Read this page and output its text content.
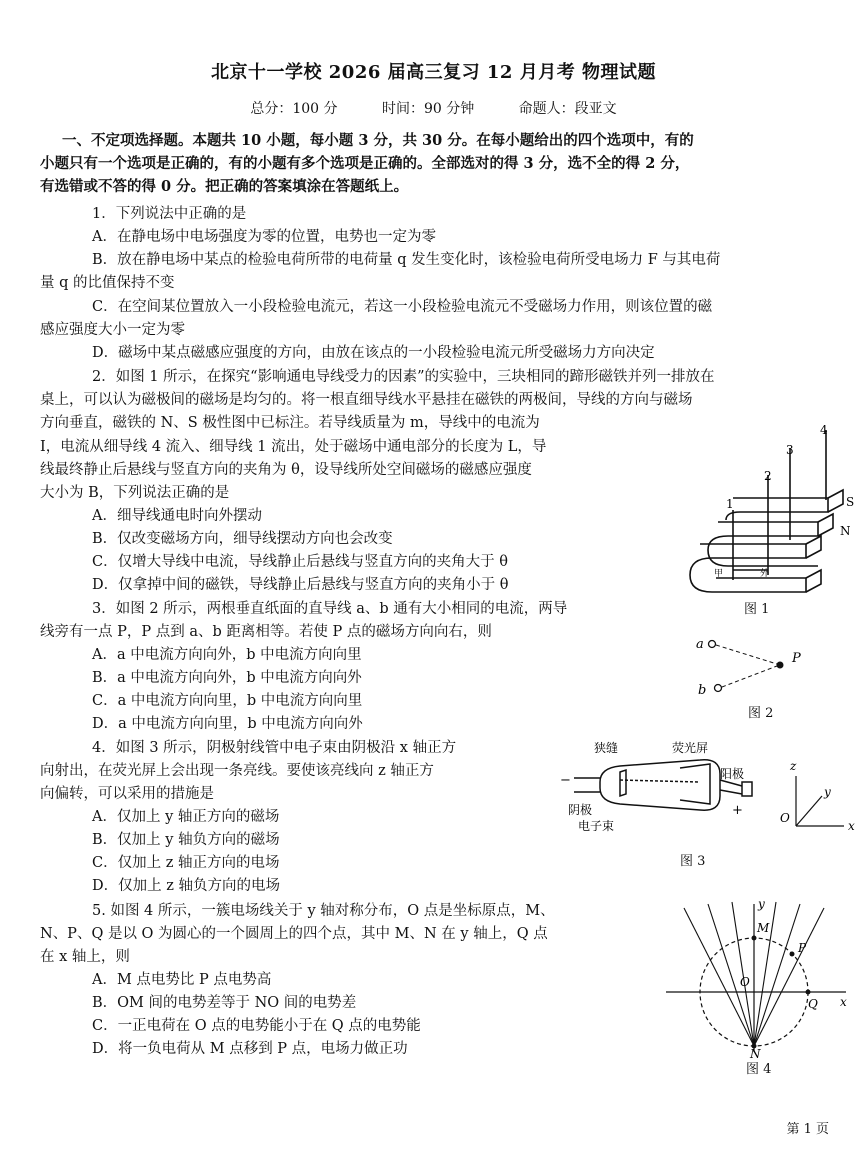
北京十一学校 2026 届高三复习 12 月月考 物理试题
总分：100 分	时间：90 分钟	命题人：段亚文
一、不定项选择题。本题共 10 小题，每小题 3 分，共 30 分。在每小题给出的四个选项中，有的
小题只有一个选项是正确的，有的小题有多个选项是正确的。全部选对的得 3 分，选不全的得 2 分，
有选错或不答的得 0 分。把正确的答案填涂在答题纸上。
1．下列说法中正确的是
A．在静电场中电场强度为零的位置，电势也一定为零
B．放在静电场中某点的检验电荷所带的电荷量 q 发生变化时，该检验电荷所受电场力 F 与其电荷
量 q 的比值保持不变
C．在空间某位置放入一小段检验电流元，若这一小段检验电流元不受磁场力作用，则该位置的磁
感应强度大小一定为零
D．磁场中某点磁感应强度的方向，由放在该点的一小段检验电流元所受磁场力方向决定
2．如图 1 所示，在探究“影响通电导线受力的因素”的实验中，三块相同的蹄形磁铁并列一排放在
桌上，可以认为磁极间的磁场是均匀的。将一根直细导线水平悬挂在磁铁的两极间，导线的方向与磁场
方向垂直，磁铁的 N、S 极性图中已标注。若导线质量为 m，导线中的电流为
I，电流从细导线 4 流入、细导线 1 流出，处于磁场中通电部分的长度为 L，导
线最终静止后悬线与竖直方向的夹角为 θ，设导线所处空间磁场的磁感应强度
大小为 B，下列说法正确的是
A．细导线通电时向外摆动
B．仅改变磁场方向，细导线摆动方向也会改变
C．仅增大导线中电流，导线静止后悬线与竖直方向的夹角大于 θ
D．仅拿掉中间的磁铁，导线静止后悬线与竖直方向的夹角小于 θ
3．如图 2 所示，两根垂直纸面的直导线 a、b 通有大小相同的电流，两导
线旁有一点 P，P 点到 a、b 距离相等。若使 P 点的磁场方向向右，则
A．a 中电流方向向外，b 中电流方向向里
B．a 中电流方向向外，b 中电流方向向外
C．a 中电流方向向里，b 中电流方向向里
D．a 中电流方向向里，b 中电流方向向外
4．如图 3 所示，阴极射线管中电子束由阴极沿 x 轴正方
向射出，在荧光屏上会出现一条亮线。要使该亮线向 z 轴正方
向偏转，可以采用的措施是
A．仅加上 y 轴正方向的磁场
B．仅加上 y 轴负方向的磁场
C．仅加上 z 轴正方向的电场
D．仅加上 z 轴负方向的电场
5. 如图 4 所示，一簇电场线关于 y 轴对称分布，O 点是坐标原点，M、
N、P、Q 是以 O 为圆心的一个圆周上的四个点，其中 M、N 在 y 轴上，Q 点
在 x 轴上，则
A．M 点电势比 P 点电势高
B．OM 间的电势差等于 NO 间的电势差
C．一正电荷在 O 点的电势能小于在 Q 点的电势能
D．将一负电荷从 M 点移到 P 点，电场力做正功
1
2
3
4
S
N
甲	外
图 1
a
b
P
图 2
−
+
狭缝	荧光屏
阴极
阳极
电子束
z
y
x
O
图 3
y
M
P
O
Q x
N
图 4
第 1 页
